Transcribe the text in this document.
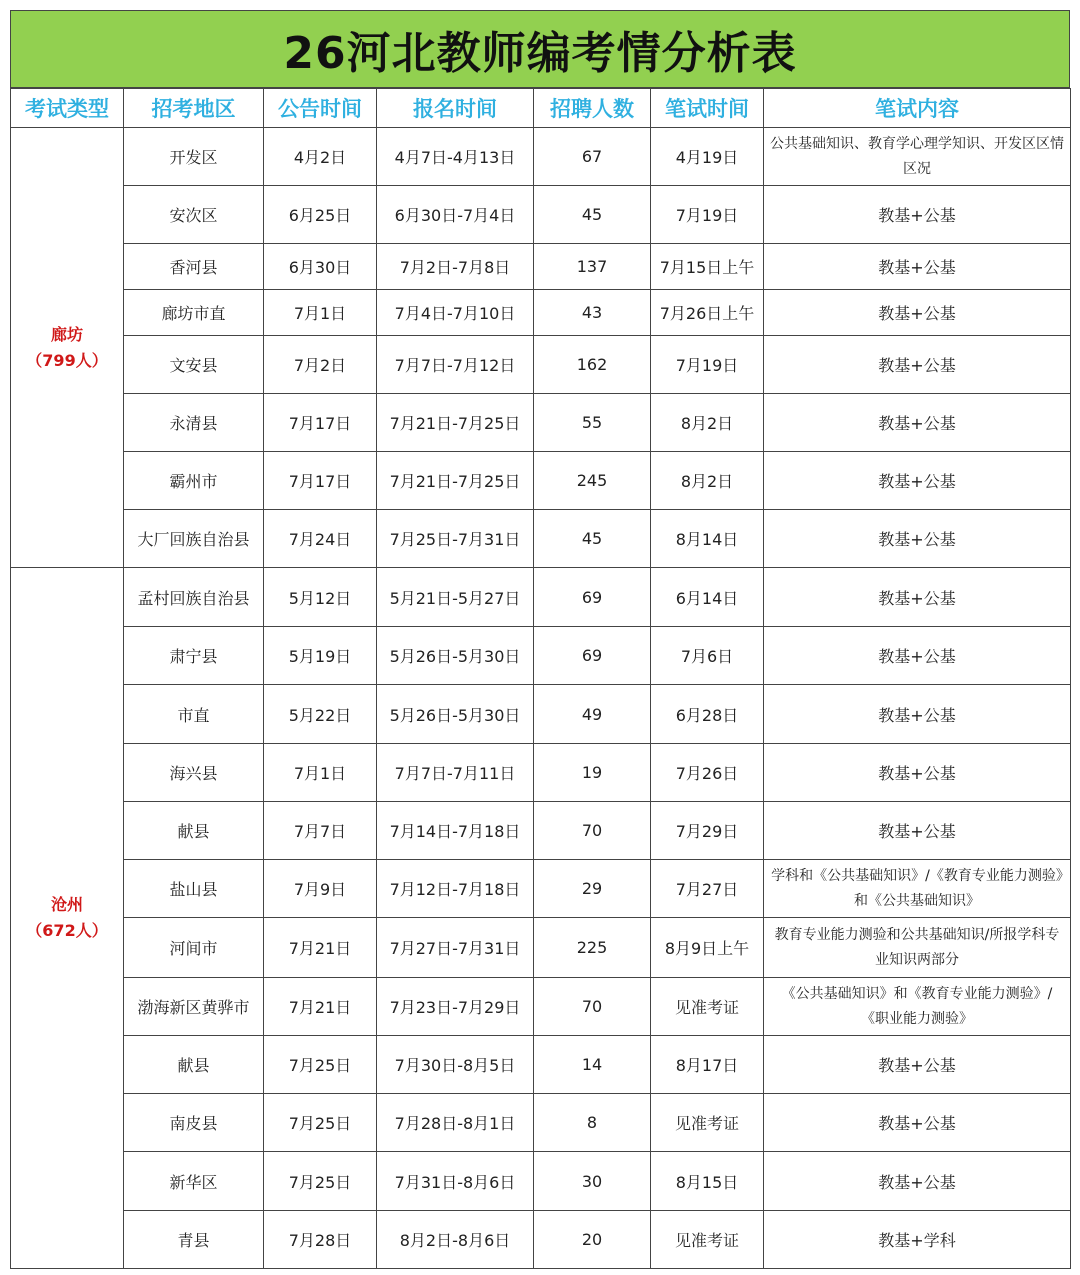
26河北教师编考情分析表
考试类型	招考地区	公告时间	报名时间	招聘人数	笔试时间	笔试内容

廊坊
（799人）	开发区	4月2日	4月7日-4月13日	67	4月19日	公共基础知识、教育学心理学知识、开发区区情区况
	安次区	6月25日	6月30日-7月4日	45	7月19日	教基+公基
	香河县	6月30日	7月2日-7月8日	137	7月15日上午	教基+公基
	廊坊市直	7月1日	7月4日-7月10日	43	7月26日上午	教基+公基
	文安县	7月2日	7月7日-7月12日	162	7月19日	教基+公基
	永清县	7月17日	7月21日-7月25日	55	8月2日	教基+公基
	霸州市	7月17日	7月21日-7月25日	245	8月2日	教基+公基
	大厂回族自治县	7月24日	7月25日-7月31日	45	8月14日	教基+公基

沧州
（672人）	孟村回族自治县	5月12日	5月21日-5月27日	69	6月14日	教基+公基
	肃宁县	5月19日	5月26日-5月30日	69	7月6日	教基+公基
	市直	5月22日	5月26日-5月30日	49	6月28日	教基+公基
	海兴县	7月1日	7月7日-7月11日	19	7月26日	教基+公基
	献县	7月7日	7月14日-7月18日	70	7月29日	教基+公基
	盐山县	7月9日	7月12日-7月18日	29	7月27日	学科和《公共基础知识》/《教育专业能力测验》和《公共基础知识》
	河间市	7月21日	7月27日-7月31日	225	8月9日上午	教育专业能力测验和公共基础知识/所报学科专业知识两部分
	渤海新区黄骅市	7月21日	7月23日-7月29日	70	见准考证	《公共基础知识》和《教育专业能力测验》/《职业能力测验》
	献县	7月25日	7月30日-8月5日	14	8月17日	教基+公基
	南皮县	7月25日	7月28日-8月1日	8	见准考证	教基+公基
	新华区	7月25日	7月31日-8月6日	30	8月15日	教基+公基
	青县	7月28日	8月2日-8月6日	20	见准考证	教基+学科
